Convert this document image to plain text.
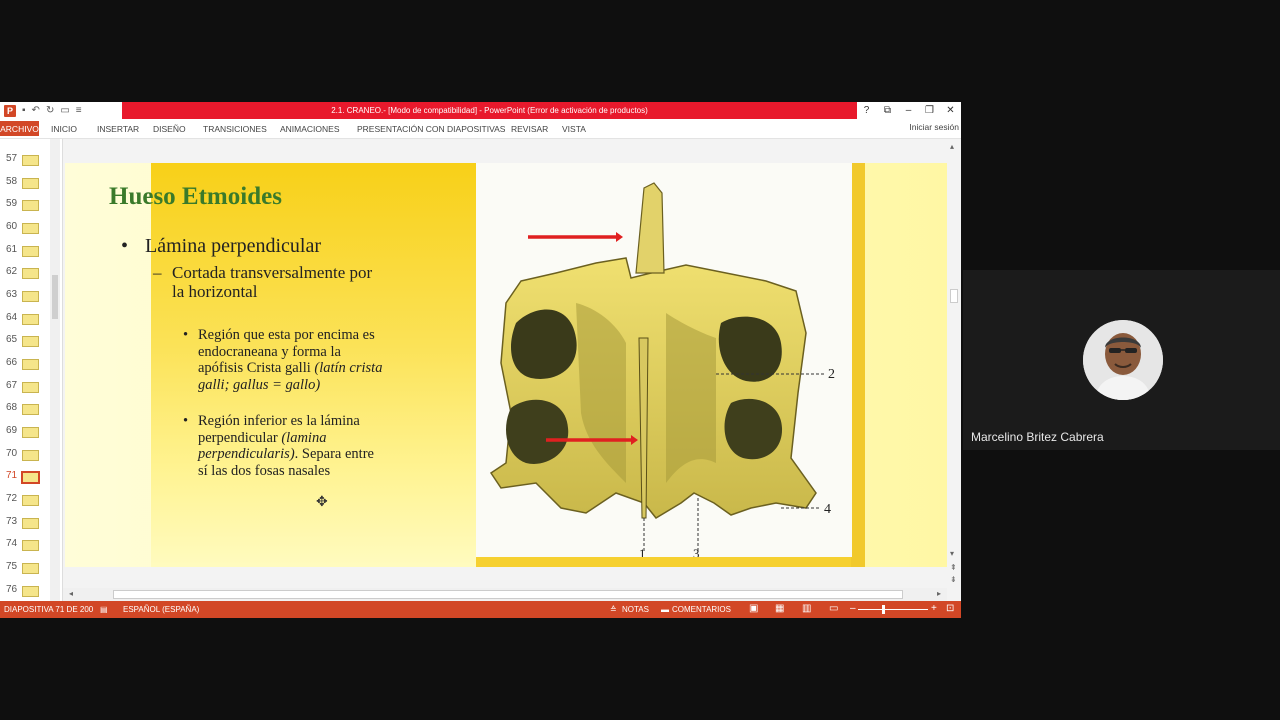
P ▪ ↶ ↻ ▭ ≡	2.1. CRANEO.- [Modo de compatibilidad] - PowerPoint (Error de activación de productos)	?	⧉	–	❐	✕
ARCHIVO INICIO INSERTAR DISEÑO TRANSICIONES ANIMACIONES PRESENTACIÓN CON DIAPOSITIVAS REVISAR VISTA	Iniciar sesión
57
58
59
60
61
62
63
64
65
66
67
68
69
70
71
72
73
74
75
76
Hueso Etmoides
• Lámina perpendicular
– Cortada transversalmente por la horizontal
• Región que esta por encima es endocraneana y forma la apófisis Crista galli (latín crista galli; gallus = gallo)
• Región inferior es la lámina perpendicular (lamina perpendicularis). Separa entre sí las dos fosas nasales
✥
2
4
1	3
▴
▾
⇞
⇟
◂	▸
DIAPOSITIVA 71 DE 200 ▤ ESPAÑOL (ESPAÑA)	≙ NOTAS ▬ COMENTARIOS ▣ ▦ ▥ ▭ –	+ ⊡
Marcelino Britez Cabrera
